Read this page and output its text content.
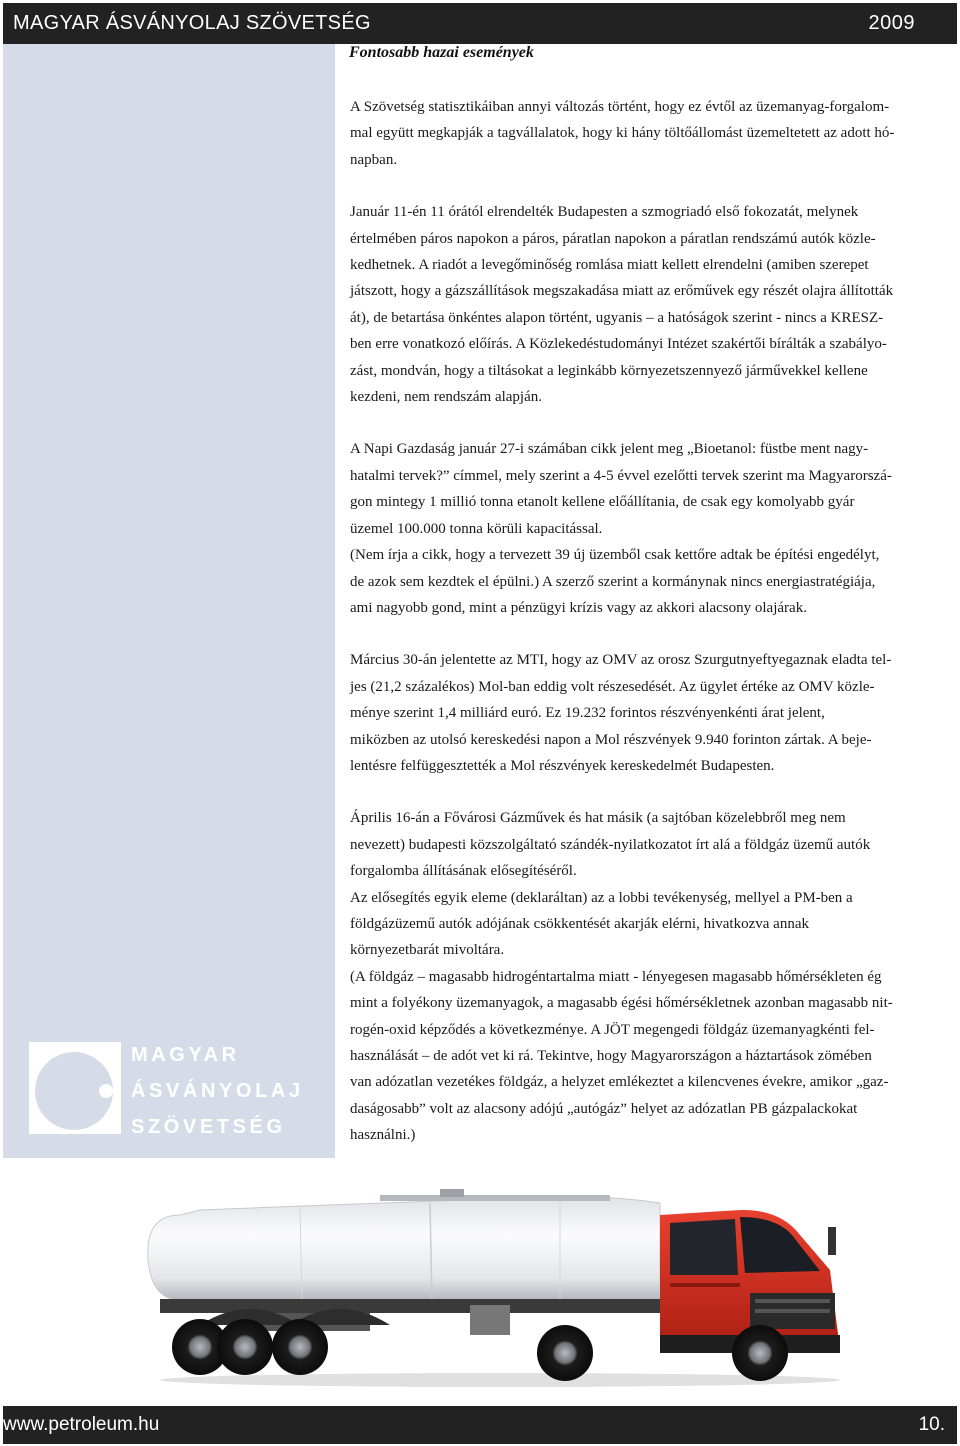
MAGYAR ÁSVÁNYOLAJ SZÖVETSÉG	2009
MAGYAR
ÁSVÁNYOLAJ
SZÖVETSÉG
Fontosabb hazai események

A Szövetség statisztikáiban annyi változás történt, hogy ez évtől az üzemanyag-forgalom-
mal együtt megkapják a tagvállalatok, hogy ki hány töltőállomást üzemeltetett az adott hó-
napban.

Január 11-én 11 órától elrendelték Budapesten a szmogriadó első fokozatát, melynek
értelmében páros napokon a páros, páratlan napokon a páratlan rendszámú autók közle-
kedhetnek. A riadót a levegőminőség romlása miatt kellett elrendelni (amiben szerepet
játszott, hogy a gázszállítások megszakadása miatt az erőművek egy részét olajra állították
át), de betartása önkéntes alapon történt, ugyanis – a hatóságok szerint - nincs a KRESZ-
ben erre vonatkozó előírás. A Közlekedéstudományi Intézet szakértői bírálták a szabályo-
zást, mondván, hogy a tiltásokat a leginkább környezetszennyező járművekkel kellene
kezdeni, nem rendszám alapján.

A Napi Gazdaság január 27-i számában cikk jelent meg „Bioetanol: füstbe ment nagy-
hatalmi tervek?” címmel, mely szerint a 4-5 évvel ezelőtti tervek szerint ma Magyarorszá-
gon mintegy 1 millió tonna etanolt kellene előállítania, de csak egy komolyabb gyár
üzemel 100.000 tonna körüli kapacitással.
(Nem írja a cikk, hogy a tervezett 39 új üzemből csak kettőre adtak be építési engedélyt,
de azok sem kezdtek el épülni.) A szerző szerint a kormánynak nincs energiastratégiája,
ami nagyobb gond, mint a pénzügyi krízis vagy az akkori alacsony olajárak.

Március 30-án jelentette az MTI, hogy az OMV az orosz Szurgutnyeftyegaznak eladta tel-
jes (21,2 százalékos) Mol-ban eddig volt részesedését. Az ügylet értéke az OMV közle-
ménye szerint 1,4 milliárd euró. Ez 19.232 forintos részvényenkénti árat jelent,
miközben az utolsó kereskedési napon a Mol részvények 9.940 forinton zártak. A beje-
lentésre felfüggesztették a Mol részvények kereskedelmét Budapesten.

Április 16-án a Fővárosi Gázművek és hat másik (a sajtóban közelebbről meg nem
nevezett) budapesti közszolgáltató szándék-nyilatkozatot írt alá a földgáz üzemű autók
forgalomba állításának elősegítéséről.
Az elősegítés egyik eleme (deklaráltan) az a lobbi tevékenység, mellyel a PM-ben a
földgázüzemű autók adójának csökkentését akarják elérni, hivatkozva annak
környezetbarát mivoltára.
(A földgáz – magasabb hidrogéntartalma miatt - lényegesen magasabb hőmérsékleten ég
mint a folyékony üzemanyagok, a magasabb égési hőmérsékletnek azonban magasabb nit-
rogén-oxid képződés a következménye. A JÖT megengedi földgáz üzemanyagkénti fel-
használását – de adót vet ki rá. Tekintve, hogy Magyarországon a háztartások zömében
van adózatlan vezetékes földgáz, a helyzet emlékeztet a kilencvenes évekre, amikor „gaz-
daságosabb” volt az alacsony adójú „autógáz” helyet az adózatlan PB gázpalackokat
használni.)

www.petroleum.hu	10.
